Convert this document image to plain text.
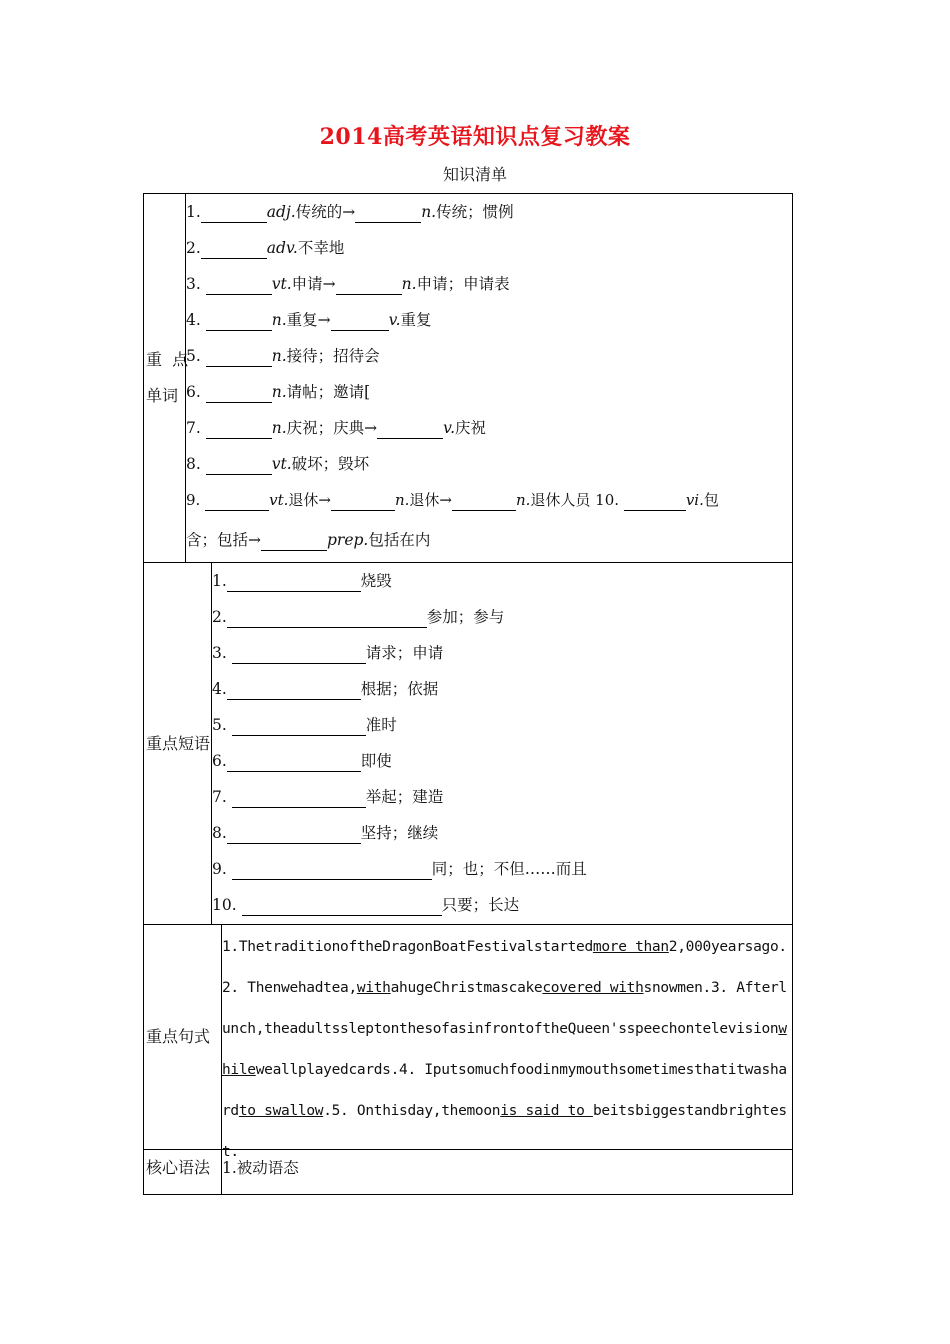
2014高考英语知识点复习教案
知识清单
重  点
单词
1.	adj.传统的→	n.传统；惯例
2.	adv.不幸地
3.	vt.申请→	n.申请；申请表
4.	n.重复→	v.重复
5.	n.接待；招待会
6.	n.请帖；邀请[
7.	n.庆祝；庆典→	v.庆祝
8.	vt.破坏；毁坏
9.	vt.退休→	n.退休→	n.退休人员 10.	vi.包
含；包括→	prep.包括在内
重点短语
1.	烧毁
2.	参加；参与
3.	请求；申请
4.	根据；依据
5.	准时
6.	即使
7.	举起；建造
8.	坚持；继续
9.	同；也；不但……而且
10.	只要；长达
重点句式
1.ThetraditionoftheDragonBoatFestivalstartedmore than2,000yearsago.2. Thenwehadtea,withahugeChristmascakecovered withsnowmen.3. Afterlunch,theadultssleptonthesofasinfrontoftheQueen'sspeechontelevisionwhileweallplayedcards.4. Iputsomuchfoodinmymouthsometimesthatitwashardto swallow.5. Onthisday,themoonis said to beitsbiggestandbrightest.
核心语法 1.被动语态
